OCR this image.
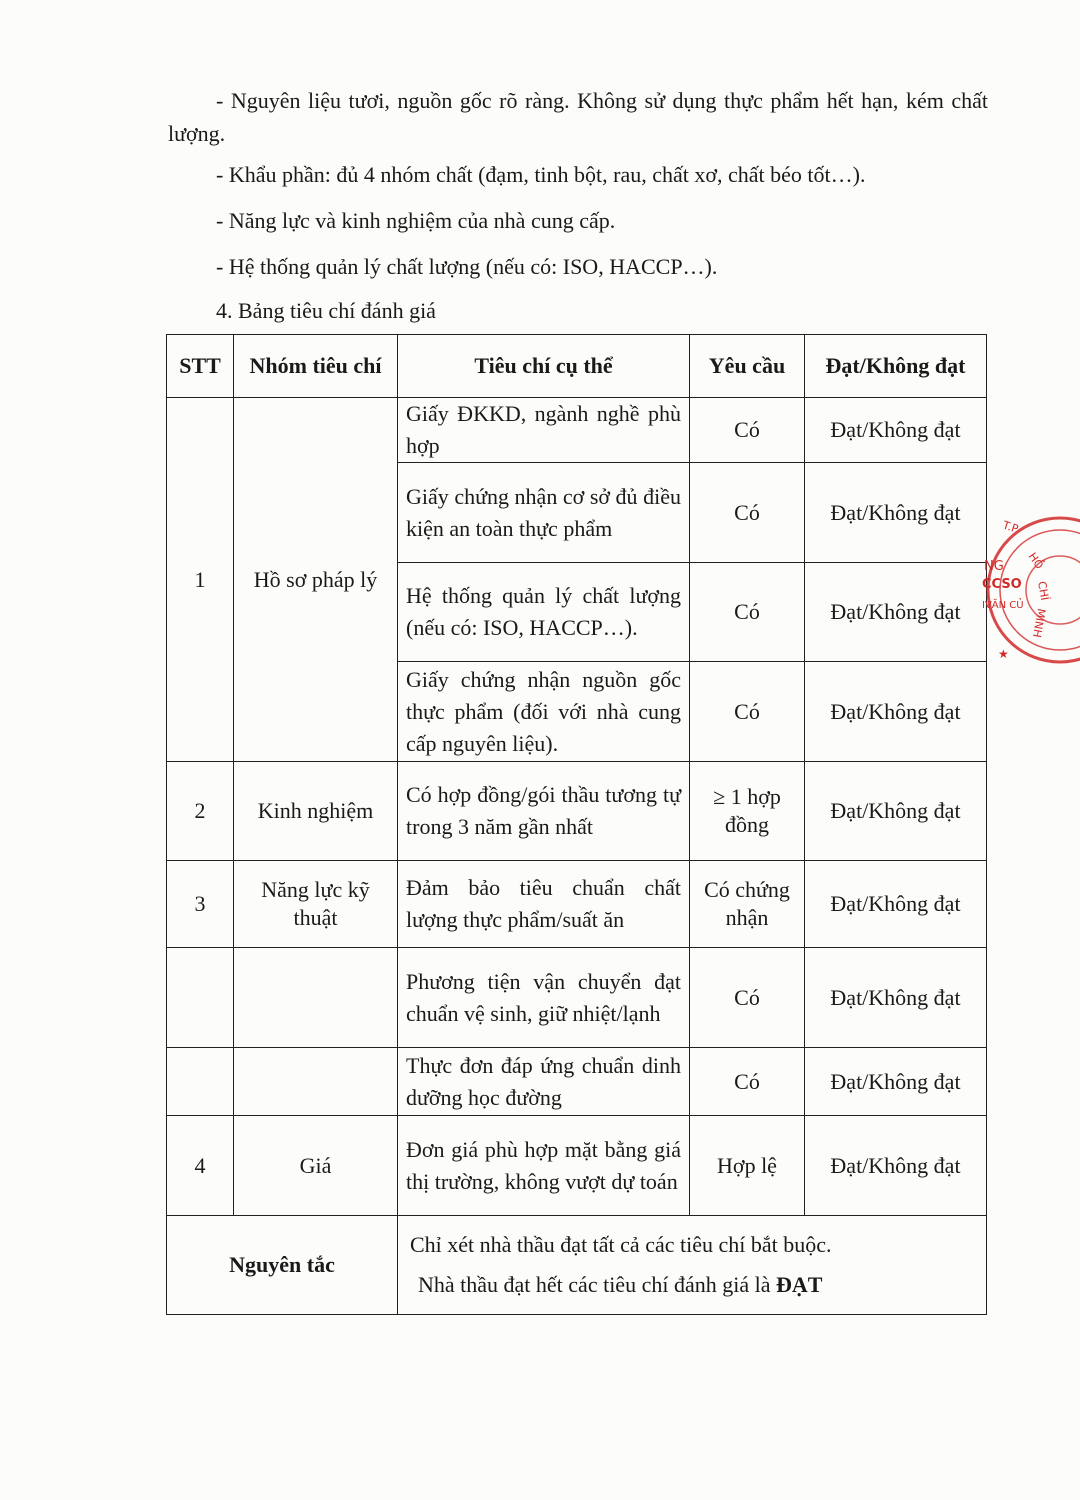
- Nguyên liệu tươi, nguồn gốc rõ ràng. Không sử dụng thực phẩm hết hạn, kém chất lượng.
- Khẩu phần: đủ 4 nhóm chất (đạm, tinh bột, rau, chất xơ, chất béo tốt…).
- Năng lực và kinh nghiệm của nhà cung cấp.
- Hệ thống quản lý chất lượng (nếu có: ISO, HACCP…).
4. Bảng tiêu chí đánh giá
STT	Nhóm tiêu chí	Tiêu chí cụ thể	Yêu cầu	Đạt/Không đạt
1	Hồ sơ pháp lý	Giấy ĐKKD, ngành nghề phù hợp	Có	Đạt/Không đạt
		Giấy chứng nhận cơ sở đủ điều kiện an toàn thực phẩm	Có	Đạt/Không đạt
		Hệ thống quản lý chất lượng (nếu có: ISO, HACCP…).	Có	Đạt/Không đạt
		Giấy chứng nhận nguồn gốc thực phẩm (đối với nhà cung cấp nguyên liệu).	Có	Đạt/Không đạt
2	Kinh nghiệm	Có hợp đồng/gói thầu tương tự trong 3 năm gần nhất	≥ 1 hợp đồng	Đạt/Không đạt
3	Năng lực kỹ thuật	Đảm bảo tiêu chuẩn chất lượng thực phẩm/suất ăn	Có chứng nhận	Đạt/Không đạt
		Phương tiện vận chuyển đạt chuẩn vệ sinh, giữ nhiệt/lạnh	Có	Đạt/Không đạt
		Thực đơn đáp ứng chuẩn dinh dưỡng học đường	Có	Đạt/Không đạt
4	Giá	Đơn giá phù hợp mặt bằng giá thị trường, không vượt dự toán	Hợp lệ	Đạt/Không đạt
Nguyên tắc		Chỉ xét nhà thầu đạt tất cả các tiêu chí bắt buộc.
Nhà thầu đạt hết các tiêu chí đánh giá là ĐẠT		
T.P
HỒ
CHÍ
MINH
NG
CCSO
IVĂN CỦ
★
